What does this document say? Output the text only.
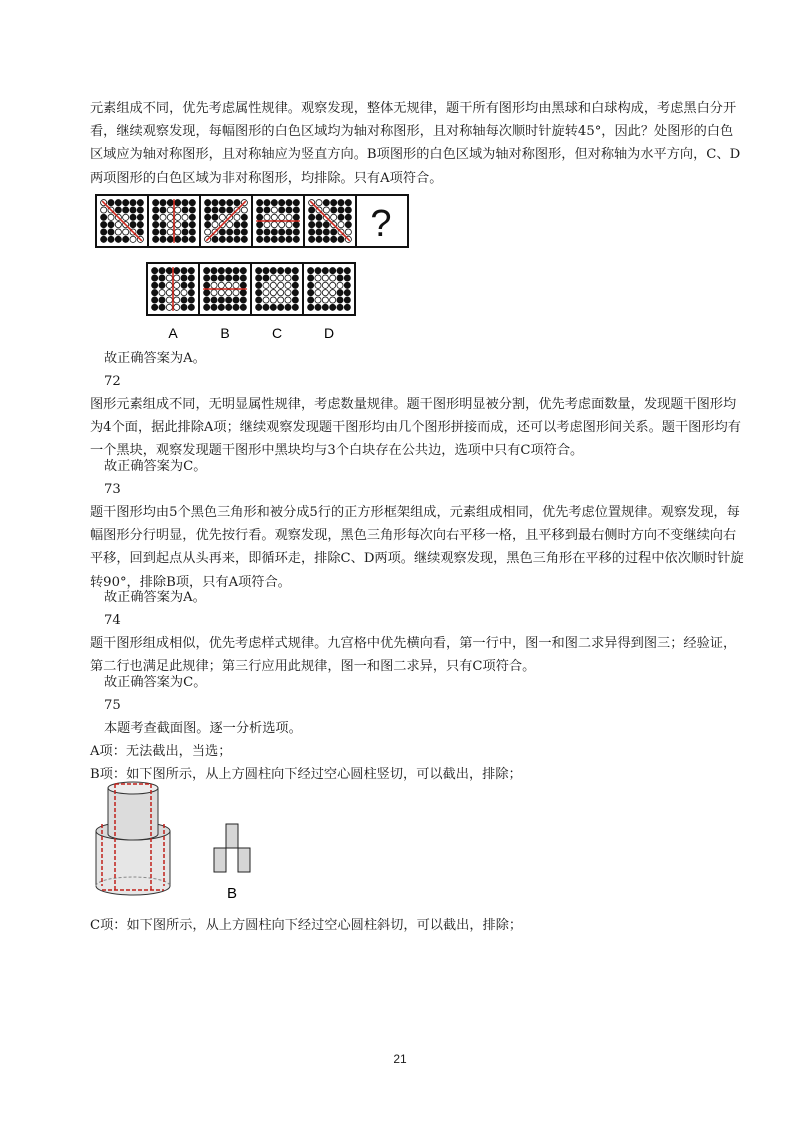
元素组成不同，优先考虑属性规律。观察发现，整体无规律，题干所有图形均由黑球和白球构成，考虑黑白分开看，继续观察发现，每幅图形的白色区域均为轴对称图形，且对称轴每次顺时针旋转45°，因此？处图形的白色区域应为轴对称图形，且对称轴应为竖直方向。B项图形的白色区域为轴对称图形，但对称轴为水平方向，C、D两项图形的白色区域为非对称图形，均排除。只有A项符合。

?
A	B	C	D

故正确答案为A。

72

图形元素组成不同，无明显属性规律，考虑数量规律。题干图形明显被分割，优先考虑面数量，发现题干图形均为4个面，据此排除A项；继续观察发现题干图形均由几个图形拼接而成，还可以考虑图形间关系。题干图形均有一个黑块，观察发现题干图形中黑块均与3个白块存在公共边，选项中只有C项符合。

故正确答案为C。

73

题干图形均由5个黑色三角形和被分成5行的正方形框架组成，元素组成相同，优先考虑位置规律。观察发现，每幅图形分行明显，优先按行看。观察发现，黑色三角形每次向右平移一格，且平移到最右侧时方向不变继续向右平移，回到起点从头再来，即循环走，排除C、D两项。继续观察发现，黑色三角形在平移的过程中依次顺时针旋转90°，排除B项，只有A项符合。

故正确答案为A。

74

题干图形组成相似，优先考虑样式规律。九宫格中优先横向看，第一行中，图一和图二求异得到图三；经验证，第二行也满足此规律；第三行应用此规律，图一和图二求异，只有C项符合。

故正确答案为C。

75

本题考查截面图。逐一分析选项。

A项：无法截出，当选；

B项：如下图所示，从上方圆柱向下经过空心圆柱竖切，可以截出，排除；

B

C项：如下图所示，从上方圆柱向下经过空心圆柱斜切，可以截出，排除；

21
